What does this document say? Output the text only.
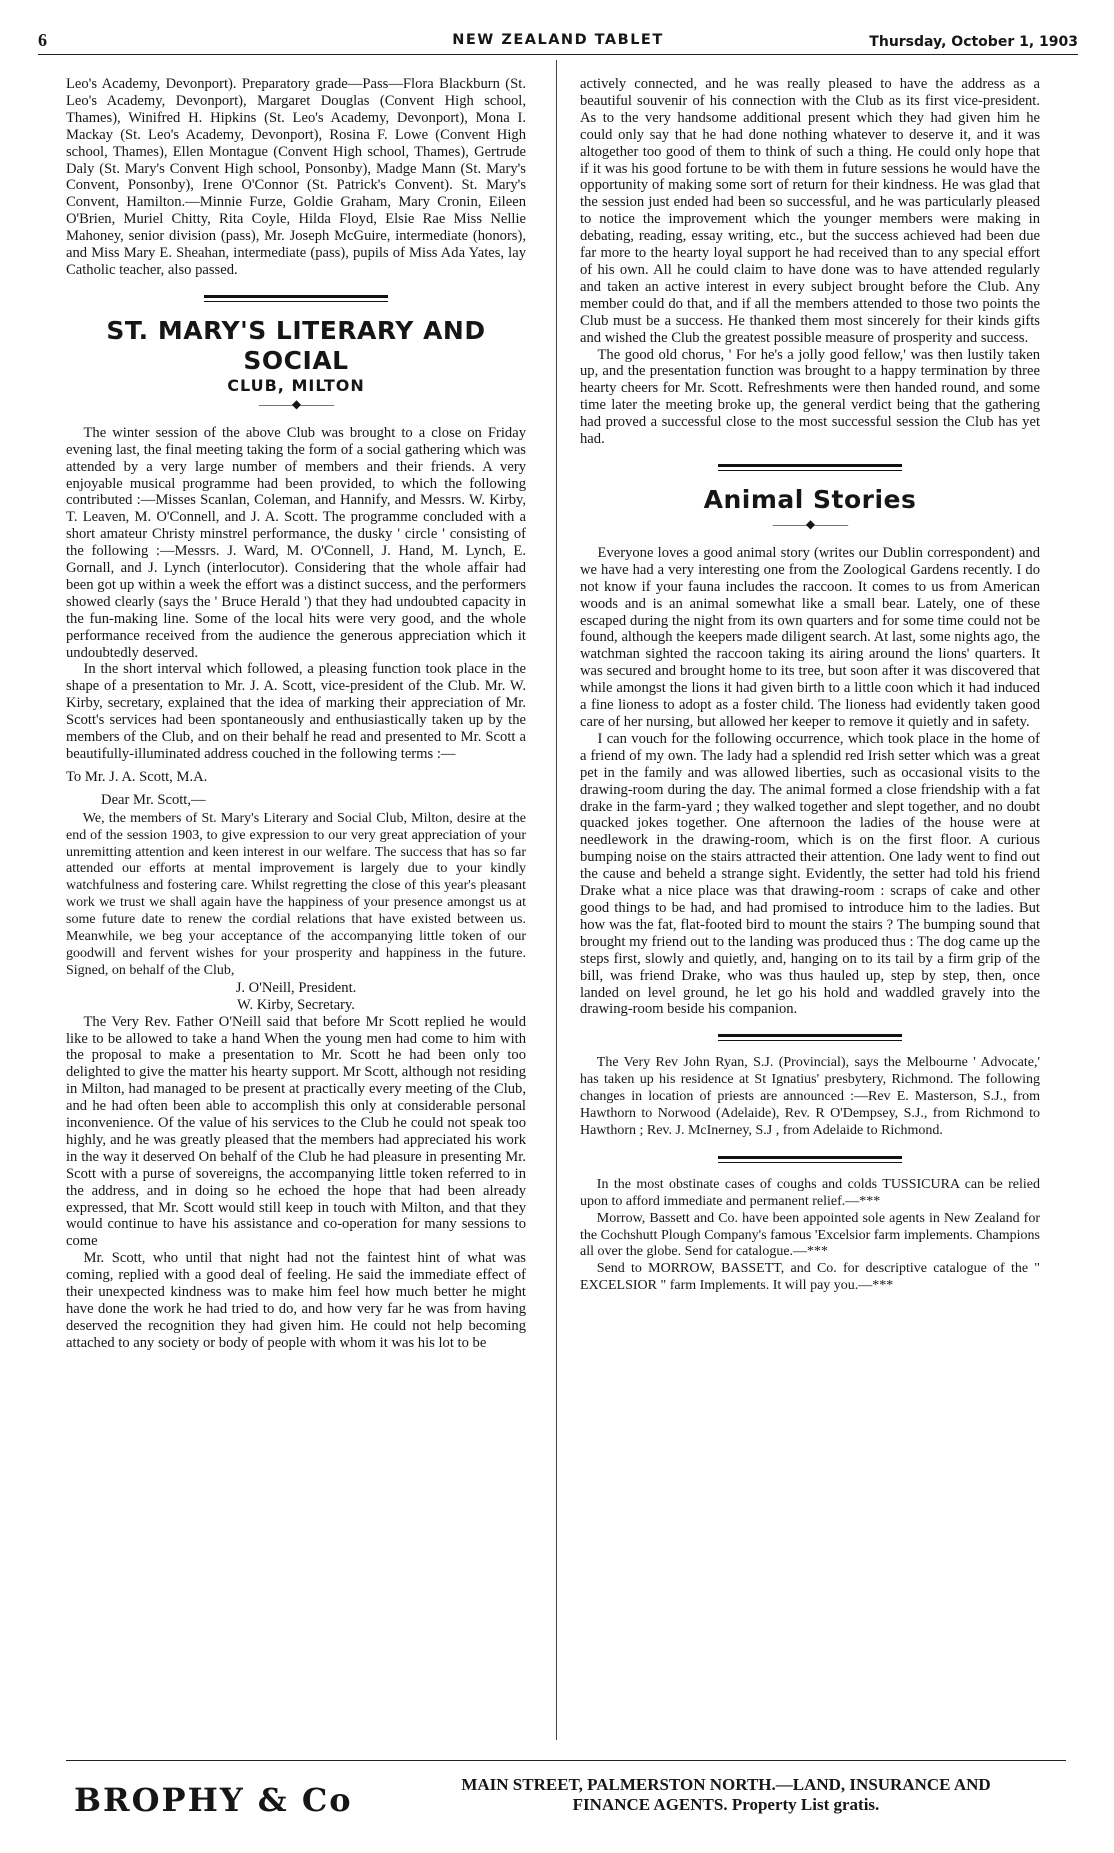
6	NEW ZEALAND TABLET	Thursday, October 1, 1903

Leo's Academy, Devonport). Preparatory grade—Pass—Flora Blackburn (St. Leo's Academy, Devonport), Margaret Douglas (Convent High school, Thames), Winifred H. Hipkins (St. Leo's Academy, Devonport), Mona I. Mackay (St. Leo's Academy, Devonport), Rosina F. Lowe (Convent High school, Thames), Ellen Montague (Convent High school, Thames), Gertrude Daly (St. Mary's Convent High school, Ponsonby), Madge Mann (St. Mary's Convent, Ponsonby), Irene O'Connor (St. Patrick's Convent). St. Mary's Convent, Hamilton.—Minnie Furze, Goldie Graham, Mary Cronin, Eileen O'Brien, Muriel Chitty, Rita Coyle, Hilda Floyd, Elsie Rae Miss Nellie Mahoney, senior division (pass), Mr. Joseph McGuire, intermediate (honors), and Miss Mary E. Sheahan, intermediate (pass), pupils of Miss Ada Yates, lay Catholic teacher, also passed.

ST. MARY'S LITERARY AND SOCIAL
CLUB, MILTON
———◆———

The winter session of the above Club was brought to a close on Friday evening last, the final meeting taking the form of a social gathering which was attended by a very large number of members and their friends. A very enjoyable musical programme had been provided, to which the following contributed :—Misses Scanlan, Coleman, and Hannify, and Messrs. W. Kirby, T. Leaven, M. O'Connell, and J. A. Scott. The programme concluded with a short amateur Christy minstrel performance, the dusky ' circle ' consisting of the following :—Messrs. J. Ward, M. O'Connell, J. Hand, M. Lynch, E. Gornall, and J. Lynch (interlocutor). Considering that the whole affair had been got up within a week the effort was a distinct success, and the performers showed clearly (says the ' Bruce Herald ') that they had undoubted capacity in the fun-making line. Some of the local hits were very good, and the whole performance received from the audience the generous appreciation which it undoubtedly deserved.

In the short interval which followed, a pleasing function took place in the shape of a presentation to Mr. J. A. Scott, vice-president of the Club. Mr. W. Kirby, secretary, explained that the idea of marking their appreciation of Mr. Scott's services had been spontaneously and enthusiastically taken up by the members of the Club, and on their behalf he read and presented to Mr. Scott a beautifully-illuminated address couched in the following terms :—

To Mr. J. A. Scott, M.A.

Dear Mr. Scott,—

We, the members of St. Mary's Literary and Social Club, Milton, desire at the end of the session 1903, to give expression to our very great appreciation of your unremitting attention and keen interest in our welfare. The success that has so far attended our efforts at mental improvement is largely due to your kindly watchfulness and fostering care. Whilst regretting the close of this year's pleasant work we trust we shall again have the happiness of your presence amongst us at some future date to renew the cordial relations that have existed between us. Meanwhile, we beg your acceptance of the accompanying little token of our goodwill and fervent wishes for your prosperity and happiness in the future. Signed, on behalf of the Club,

J. O'Neill, President.

W. Kirby, Secretary.

The Very Rev. Father O'Neill said that before Mr Scott replied he would like to be allowed to take a hand When the young men had come to him with the proposal to make a presentation to Mr. Scott he had been only too delighted to give the matter his hearty support. Mr Scott, although not residing in Milton, had managed to be present at practically every meeting of the Club, and he had often been able to accomplish this only at considerable personal inconvenience. Of the value of his services to the Club he could not speak too highly, and he was greatly pleased that the members had appreciated his work in the way it deserved On behalf of the Club he had pleasure in presenting Mr. Scott with a purse of sovereigns, the accompanying little token referred to in the address, and in doing so he echoed the hope that had been already expressed, that Mr. Scott would still keep in touch with Milton, and that they would continue to have his assistance and co-operation for many sessions to come

Mr. Scott, who until that night had not the faintest hint of what was coming, replied with a good deal of feeling. He said the immediate effect of their unexpected kindness was to make him feel how much better he might have done the work he had tried to do, and how very far he was from having deserved the recognition they had given him. He could not help becoming attached to any society or body of people with whom it was his lot to be

actively connected, and he was really pleased to have the address as a beautiful souvenir of his connection with the Club as its first vice-president. As to the very handsome additional present which they had given him he could only say that he had done nothing whatever to deserve it, and it was altogether too good of them to think of such a thing. He could only hope that if it was his good fortune to be with them in future sessions he would have the opportunity of making some sort of return for their kindness. He was glad that the session just ended had been so successful, and he was particularly pleased to notice the improvement which the younger members were making in debating, reading, essay writing, etc., but the success achieved had been due far more to the hearty loyal support he had received than to any special effort of his own. All he could claim to have done was to have attended regularly and taken an active interest in every subject brought before the Club. Any member could do that, and if all the members attended to those two points the Club must be a success. He thanked them most sincerely for their kinds gifts and wished the Club the greatest possible measure of prosperity and success.

The good old chorus, ' For he's a jolly good fellow,' was then lustily taken up, and the presentation function was brought to a happy termination by three hearty cheers for Mr. Scott. Refreshments were then handed round, and some time later the meeting broke up, the general verdict being that the gathering had proved a successful close to the most successful session the Club has yet had.

Animal Stories
———◆———

Everyone loves a good animal story (writes our Dublin correspondent) and we have had a very interesting one from the Zoological Gardens recently. I do not know if your fauna includes the raccoon. It comes to us from American woods and is an animal somewhat like a small bear. Lately, one of these escaped during the night from its own quarters and for some time could not be found, although the keepers made diligent search. At last, some nights ago, the watchman sighted the raccoon taking its airing around the lions' quarters. It was secured and brought home to its tree, but soon after it was discovered that while amongst the lions it had given birth to a little coon which it had induced a fine lioness to adopt as a foster child. The lioness had evidently taken good care of her nursing, but allowed her keeper to remove it quietly and in safety.

I can vouch for the following occurrence, which took place in the home of a friend of my own. The lady had a splendid red Irish setter which was a great pet in the family and was allowed liberties, such as occasional visits to the drawing-room during the day. The animal formed a close friendship with a fat drake in the farm-yard ; they walked together and slept together, and no doubt quacked jokes together. One afternoon the ladies of the house were at needlework in the drawing-room, which is on the first floor. A curious bumping noise on the stairs attracted their attention. One lady went to find out the cause and beheld a strange sight. Evidently, the setter had told his friend Drake what a nice place was that drawing-room : scraps of cake and other good things to be had, and had promised to introduce him to the ladies. But how was the fat, flat-footed bird to mount the stairs ? The bumping sound that brought my friend out to the landing was produced thus : The dog came up the steps first, slowly and quietly, and, hanging on to its tail by a firm grip of the bill, was friend Drake, who was thus hauled up, step by step, then, once landed on level ground, he let go his hold and waddled gravely into the drawing-room beside his companion.

The Very Rev John Ryan, S.J. (Provincial), says the Melbourne ' Advocate,' has taken up his residence at St Ignatius' presbytery, Richmond. The following changes in location of priests are announced :—Rev E. Masterson, S.J., from Hawthorn to Norwood (Adelaide), Rev. R O'Dempsey, S.J., from Richmond to Hawthorn ; Rev. J. McInerney, S.J , from Adelaide to Richmond.

In the most obstinate cases of coughs and colds TUSSICURA can be relied upon to afford immediate and permanent relief.—***

Morrow, Bassett and Co. have been appointed sole agents in New Zealand for the Cochshutt Plough Company's famous 'Excelsior farm implements. Champions all over the globe. Send for catalogue.—***

Send to MORROW, BASSETT, and Co. for descriptive catalogue of the " EXCELSIOR " farm Implements. It will pay you.—***

BROPHY & Co	MAIN STREET, PALMERSTON NORTH.—LAND, INSURANCE AND
FINANCE AGENTS. Property List gratis.
